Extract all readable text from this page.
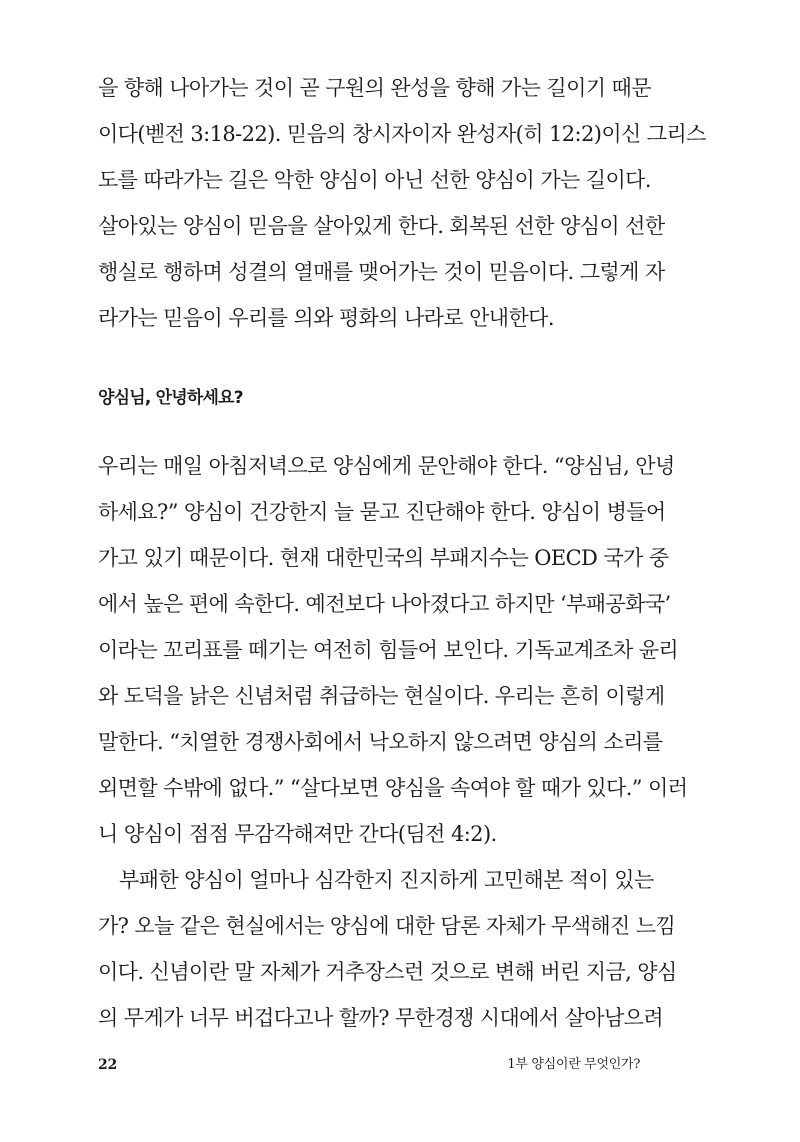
을 향해 나아가는 것이 곧 구원의 완성을 향해 가는 길이기 때문
이다(벧전 3:18-22). 믿음의 창시자이자 완성자(히 12:2)이신 그리스
도를 따라가는 길은 악한 양심이 아닌 선한 양심이 가는 길이다.
살아있는 양심이 믿음을 살아있게 한다. 회복된 선한 양심이 선한
행실로 행하며 성결의 열매를 맺어가는 것이 믿음이다. 그렇게 자
라가는 믿음이 우리를 의와 평화의 나라로 안내한다.
양심님, 안녕하세요?
우리는 매일 아침저녁으로 양심에게 문안해야 한다. “양심님, 안녕
하세요?” 양심이 건강한지 늘 묻고 진단해야 한다. 양심이 병들어
가고 있기 때문이다. 현재 대한민국의 부패지수는 OECD 국가 중
에서 높은 편에 속한다. 예전보다 나아졌다고 하지만 ‘부패공화국’
이라는 꼬리표를 떼기는 여전히 힘들어 보인다. 기독교계조차 윤리
와 도덕을 낡은 신념처럼 취급하는 현실이다. 우리는 흔히 이렇게
말한다. “치열한 경쟁사회에서 낙오하지 않으려면 양심의 소리를
외면할 수밖에 없다.” “살다보면 양심을 속여야 할 때가 있다.” 이러
니 양심이 점점 무감각해져만 간다(딤전 4:2).
부패한 양심이 얼마나 심각한지 진지하게 고민해본 적이 있는
가? 오늘 같은 현실에서는 양심에 대한 담론 자체가 무색해진 느낌
이다. 신념이란 말 자체가 거추장스런 것으로 변해 버린 지금, 양심
의 무게가 너무 버겁다고나 할까? 무한경쟁 시대에서 살아남으려
22	1부 양심이란 무엇인가?
